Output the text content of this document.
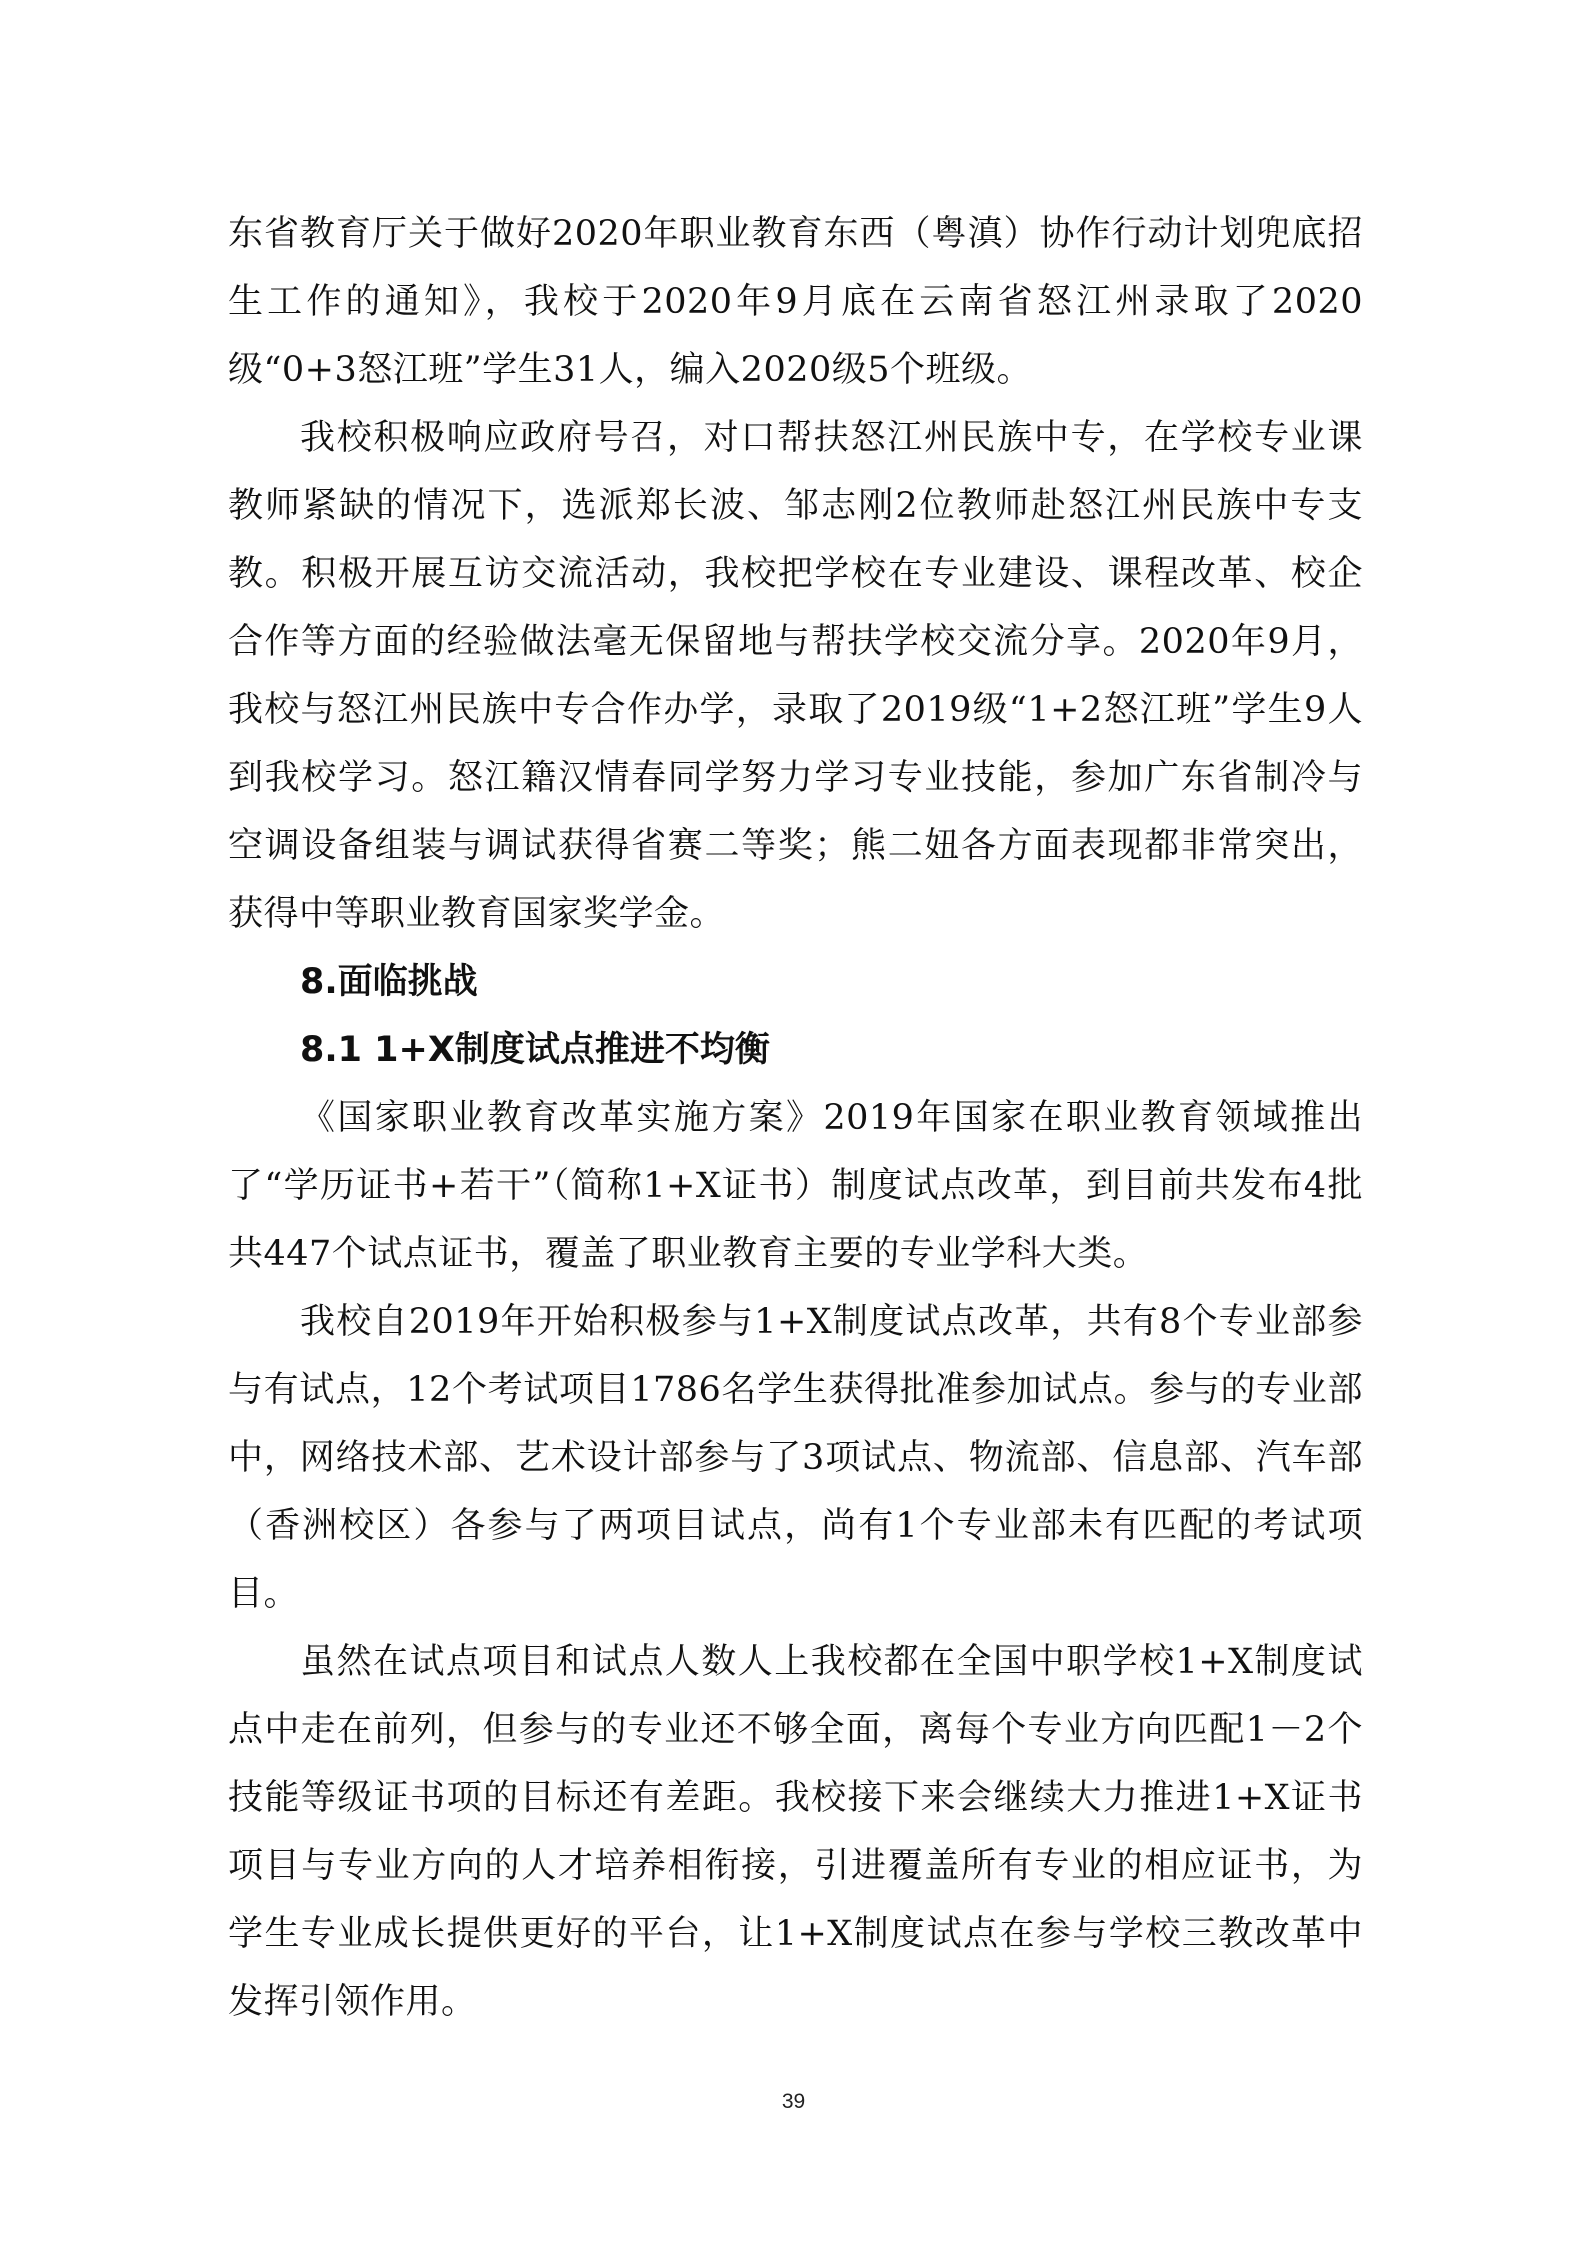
东省教育厅关于做好2020年职业教育东西（粤滇）协作行动计划兜底招生工作的通知》，我校于2020年9月底在云南省怒江州录取了2020级“0+3怒江班”学生31人，编入2020级5个班级。

我校积极响应政府号召，对口帮扶怒江州民族中专，在学校专业课教师紧缺的情况下，选派郑长波、邹志刚2位教师赴怒江州民族中专支教。积极开展互访交流活动，我校把学校在专业建设、课程改革、校企合作等方面的经验做法毫无保留地与帮扶学校交流分享。2020年9月，我校与怒江州民族中专合作办学，录取了2019级“1+2怒江班”学生9人到我校学习。怒江籍汉情春同学努力学习专业技能，参加广东省制冷与空调设备组装与调试获得省赛二等奖；熊二妞各方面表现都非常突出，获得中等职业教育国家奖学金。

8.面临挑战

8.1 1+X制度试点推进不均衡

《国家职业教育改革实施方案》2019年国家在职业教育领域推出了“学历证书+若干”（简称1+X证书）制度试点改革，到目前共发布4批共447个试点证书，覆盖了职业教育主要的专业学科大类。

我校自2019年开始积极参与1+X制度试点改革，共有8个专业部参与有试点，12个考试项目1786名学生获得批准参加试点。参与的专业部中，网络技术部、艺术设计部参与了3项试点、物流部、信息部、汽车部（香洲校区）各参与了两项目试点，尚有1个专业部未有匹配的考试项目。

虽然在试点项目和试点人数人上我校都在全国中职学校1+X制度试点中走在前列，但参与的专业还不够全面，离每个专业方向匹配1－2个技能等级证书项的目标还有差距。我校接下来会继续大力推进1+X证书项目与专业方向的人才培养相衔接，引进覆盖所有专业的相应证书，为学生专业成长提供更好的平台，让1+X制度试点在参与学校三教改革中发挥引领作用。

39
